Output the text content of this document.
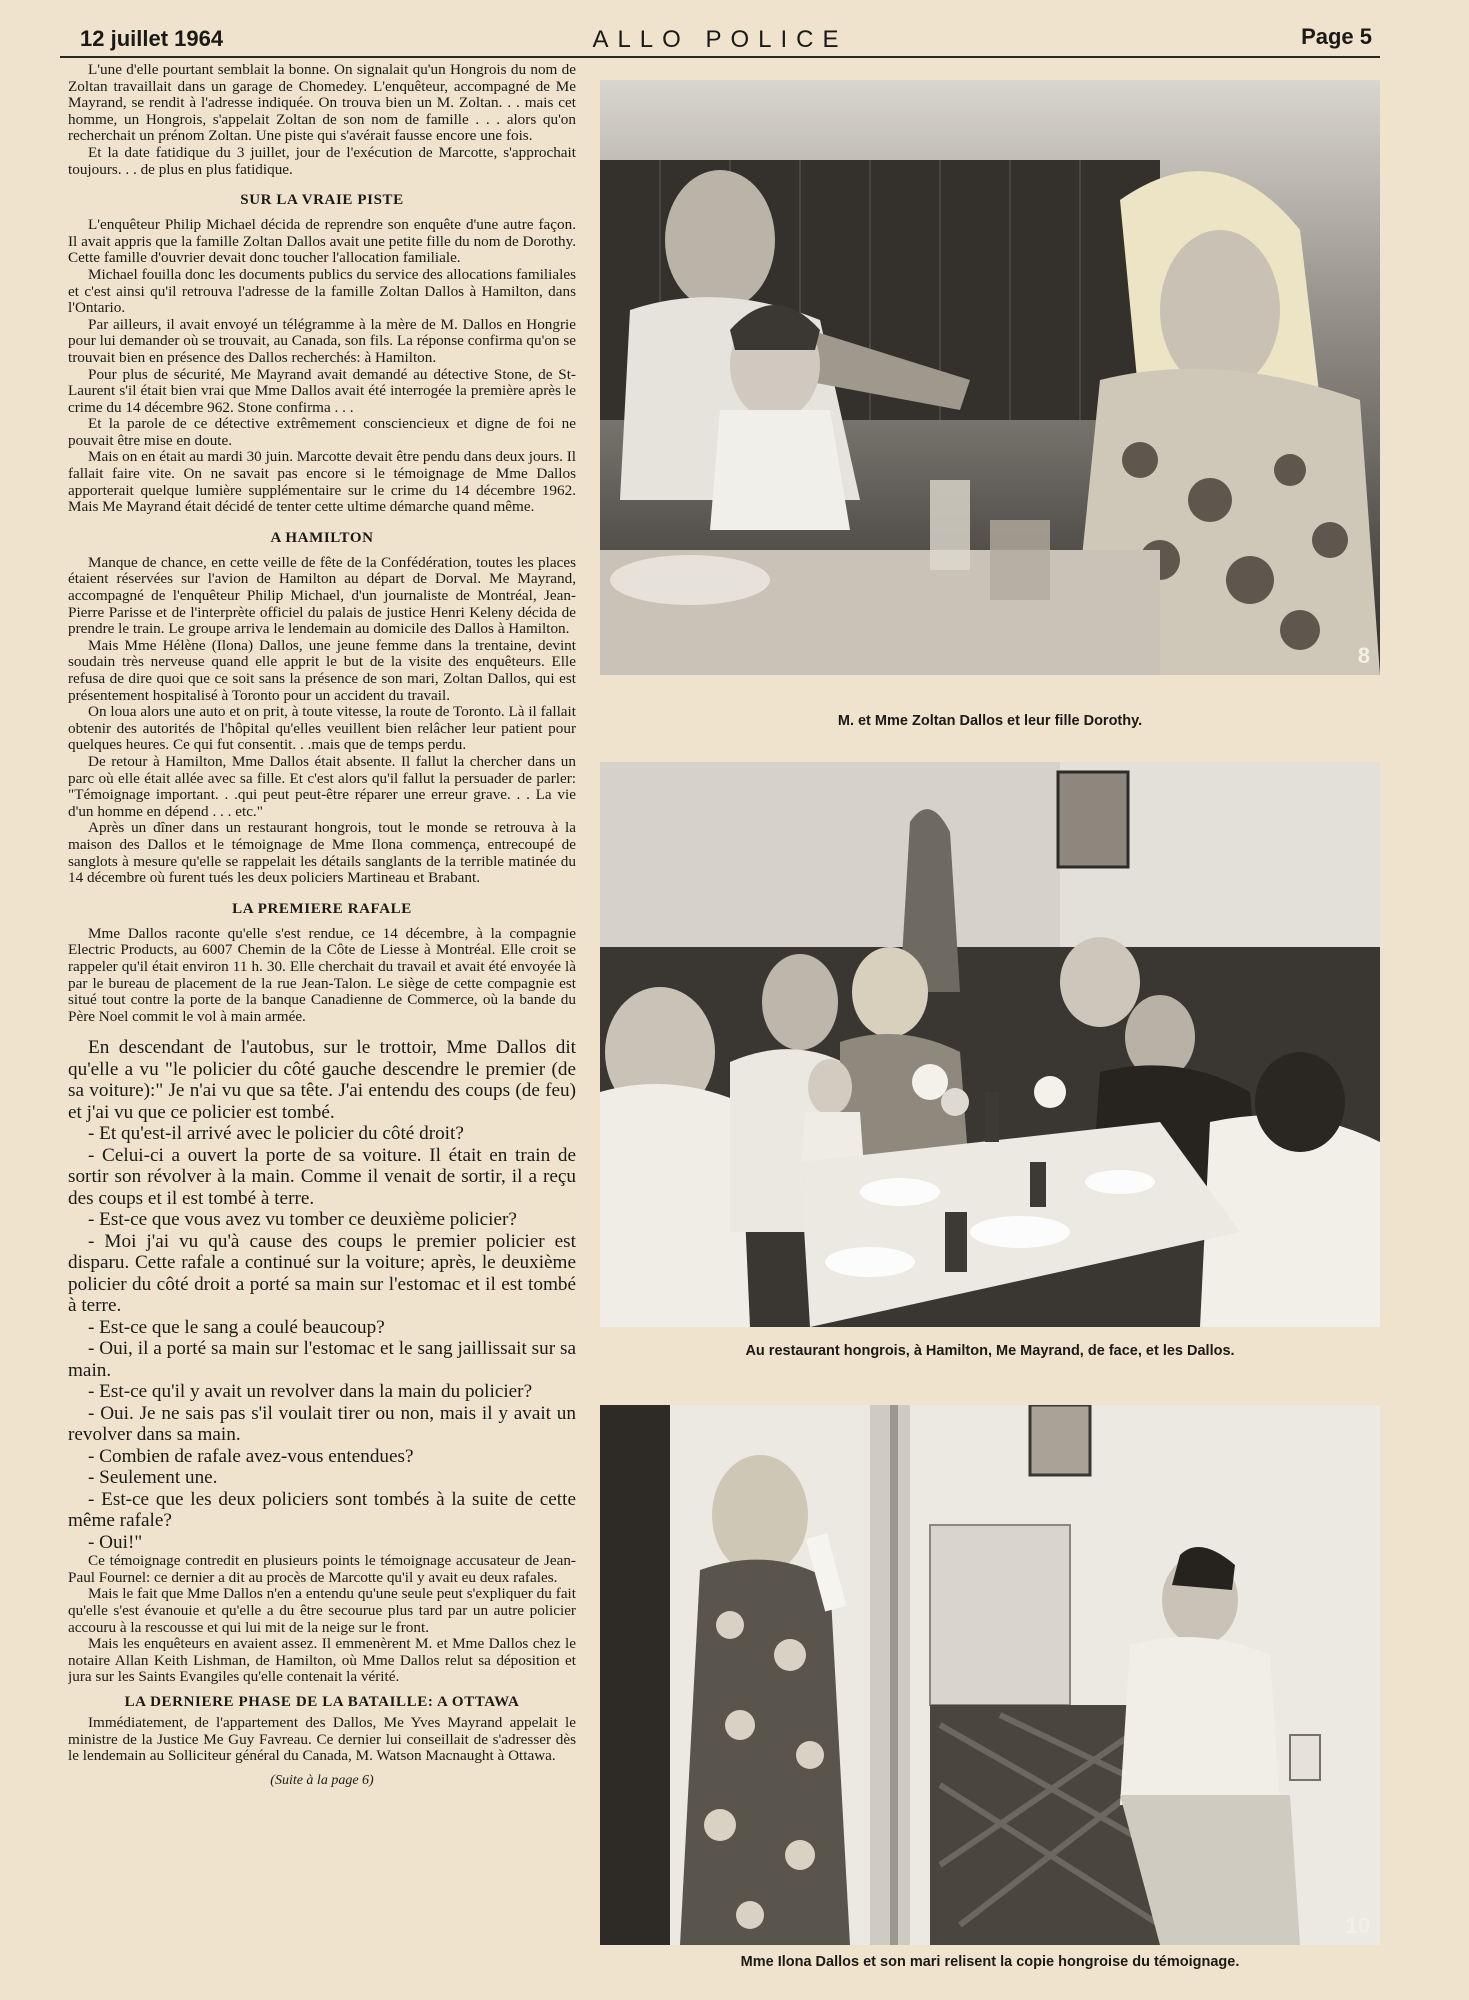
12 juillet 1964	ALLO POLICE	Page 5

L'une d'elle pourtant semblait la bonne. On signalait qu'un Hongrois du nom de Zoltan travaillait dans un garage de Chomedey. L'enquêteur, accompagné de Me Mayrand, se rendit à l'adresse indiquée. On trouva bien un M. Zoltan. . . mais cet homme, un Hongrois, s'appelait Zoltan de son nom de famille . . . alors qu'on recherchait un prénom Zoltan. Une piste qui s'avérait fausse encore une fois.

Et la date fatidique du 3 juillet, jour de l'exécution de Marcotte, s'approchait toujours. . . de plus en plus fatidique.

SUR LA VRAIE PISTE

L'enquêteur Philip Michael décida de reprendre son enquête d'une autre façon. Il avait appris que la famille Zoltan Dallos avait une petite fille du nom de Dorothy. Cette famille d'ouvrier devait donc toucher l'allocation familiale.

Michael fouilla donc les documents publics du service des allocations familiales et c'est ainsi qu'il retrouva l'adresse de la famille Zoltan Dallos à Hamilton, dans l'Ontario.

Par ailleurs, il avait envoyé un télégramme à la mère de M. Dallos en Hongrie pour lui demander où se trouvait, au Canada, son fils. La réponse confirma qu'on se trouvait bien en présence des Dallos recherchés: à Hamilton.

Pour plus de sécurité, Me Mayrand avait demandé au détective Stone, de St-Laurent s'il était bien vrai que Mme Dallos avait été interrogée la première après le crime du 14 décembre 962. Stone confirma . . .

Et la parole de ce détective extrêmement consciencieux et digne de foi ne pouvait être mise en doute.

Mais on en était au mardi 30 juin. Marcotte devait être pendu dans deux jours. Il fallait faire vite. On ne savait pas encore si le témoignage de Mme Dallos apporterait quelque lumière supplémentaire sur le crime du 14 décembre 1962. Mais Me Mayrand était décidé de tenter cette ultime démarche quand même.

A HAMILTON

Manque de chance, en cette veille de fête de la Confédération, toutes les places étaient réservées sur l'avion de Hamilton au départ de Dorval. Me Mayrand, accompagné de l'enquêteur Philip Michael, d'un journaliste de Montréal, Jean-Pierre Parisse et de l'interprète officiel du palais de justice Henri Keleny décida de prendre le train. Le groupe arriva le lendemain au domicile des Dallos à Hamilton.

Mais Mme Hélène (Ilona) Dallos, une jeune femme dans la trentaine, devint soudain très nerveuse quand elle apprit le but de la visite des enquêteurs. Elle refusa de dire quoi que ce soit sans la présence de son mari, Zoltan Dallos, qui est présentement hospitalisé à Toronto pour un accident du travail.

On loua alors une auto et on prit, à toute vitesse, la route de Toronto. Là il fallait obtenir des autorités de l'hôpital qu'elles veuillent bien relâcher leur patient pour quelques heures. Ce qui fut consentit. . .mais que de temps perdu.

De retour à Hamilton, Mme Dallos était absente. Il fallut la chercher dans un parc où elle était allée avec sa fille. Et c'est alors qu'il fallut la persuader de parler: "Témoignage important. . .qui peut peut-être réparer une erreur grave. . . La vie d'un homme en dépend . . . etc."

Après un dîner dans un restaurant hongrois, tout le monde se retrouva à la maison des Dallos et le témoignage de Mme Ilona commença, entrecoupé de sanglots à mesure qu'elle se rappelait les détails sanglants de la terrible matinée du 14 décembre où furent tués les deux policiers Martineau et Brabant.

LA PREMIERE RAFALE

Mme Dallos raconte qu'elle s'est rendue, ce 14 décembre, à la compagnie Electric Products, au 6007 Chemin de la Côte de Liesse à Montréal. Elle croit se rappeler qu'il était environ 11 h. 30. Elle cherchait du travail et avait été envoyée là par le bureau de placement de la rue Jean-Talon. Le siège de cette compagnie est situé tout contre la porte de la banque Canadienne de Commerce, où la bande du Père Noel commit le vol à main armée.

En descendant de l'autobus, sur le trottoir, Mme Dallos dit qu'elle a vu "le policier du côté gauche descendre le premier (de sa voiture):" Je n'ai vu que sa tête. J'ai entendu des coups (de feu) et j'ai vu que ce policier est tombé.

- Et qu'est-il arrivé avec le policier du côté droit?

- Celui-ci a ouvert la porte de sa voiture. Il était en train de sortir son révolver à la main. Comme il venait de sortir, il a reçu des coups et il est tombé à terre.

- Est-ce que vous avez vu tomber ce deuxième policier?

- Moi j'ai vu qu'à cause des coups le premier policier est disparu. Cette rafale a continué sur la voiture; après, le deuxième policier du côté droit a porté sa main sur l'estomac et il est tombé à terre.

- Est-ce que le sang a coulé beaucoup?

- Oui, il a porté sa main sur l'estomac et le sang jaillissait sur sa main.

- Est-ce qu'il y avait un revolver dans la main du policier?

- Oui. Je ne sais pas s'il voulait tirer ou non, mais il y avait un revolver dans sa main.

- Combien de rafale avez-vous entendues?

- Seulement une.

- Est-ce que les deux policiers sont tombés à la suite de cette même rafale?

- Oui!"

Ce témoignage contredit en plusieurs points le témoignage accusateur de Jean-Paul Fournel: ce dernier a dit au procès de Marcotte qu'il y avait eu deux rafales.

Mais le fait que Mme Dallos n'en a entendu qu'une seule peut s'expliquer du fait qu'elle s'est évanouie et qu'elle a du être secourue plus tard par un autre policier accouru à la rescousse et qui lui mit de la neige sur le front.

Mais les enquêteurs en avaient assez. Il emmenèrent M. et Mme Dallos chez le notaire Allan Keith Lishman, de Hamilton, où Mme Dallos relut sa déposition et jura sur les Saints Evangiles qu'elle contenait la vérité.

LA DERNIERE PHASE DE LA BATAILLE: A OTTAWA

Immédiatement, de l'appartement des Dallos, Me Yves Mayrand appelait le ministre de la Justice Me Guy Favreau. Ce dernier lui conseillait de s'adresser dès le lendemain au Solliciteur général du Canada, M. Watson Macnaught à Ottawa.

(Suite à la page 6)

8
M. et Mme Zoltan Dallos et leur fille Dorothy.
9
Au restaurant hongrois, à Hamilton, Me Mayrand, de face, et les Dallos.
10
Mme Ilona Dallos et son mari relisent la copie hongroise du témoignage.
